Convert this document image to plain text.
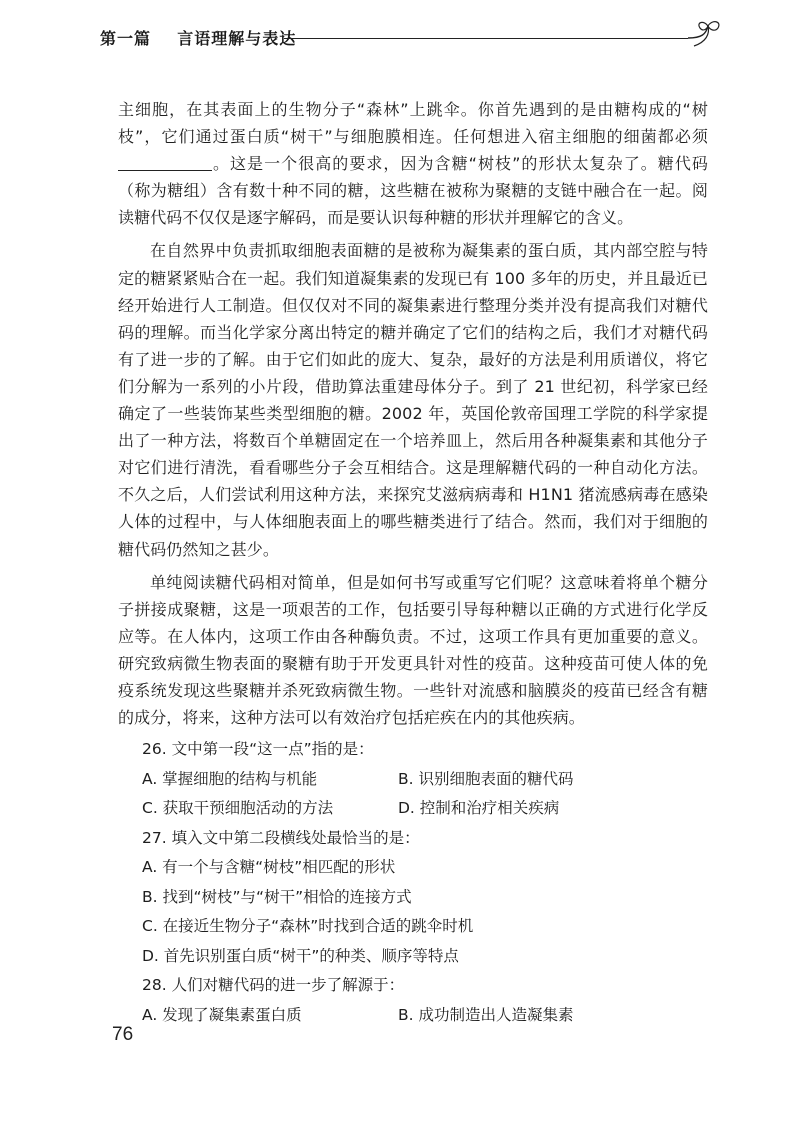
第一篇 言语理解与表达

主细胞，在其表面上的生物分子“森林”上跳伞。你首先遇到的是由糖构成的“树枝”，它们通过蛋白质“树干”与细胞膜相连。任何想进入宿主细胞的细菌都必须。这是一个很高的要求，因为含糖“树枝”的形状太复杂了。糖代码（称为糖组）含有数十种不同的糖，这些糖在被称为聚糖的支链中融合在一起。阅读糖代码不仅仅是逐字解码，而是要认识每种糖的形状并理解它的含义。

在自然界中负责抓取细胞表面糖的是被称为凝集素的蛋白质，其内部空腔与特定的糖紧紧贴合在一起。我们知道凝集素的发现已有 100 多年的历史，并且最近已经开始进行人工制造。但仅仅对不同的凝集素进行整理分类并没有提高我们对糖代码的理解。而当化学家分离出特定的糖并确定了它们的结构之后，我们才对糖代码有了进一步的了解。由于它们如此的庞大、复杂，最好的方法是利用质谱仪，将它们分解为一系列的小片段，借助算法重建母体分子。到了 21 世纪初，科学家已经确定了一些装饰某些类型细胞的糖。2002 年，英国伦敦帝国理工学院的科学家提出了一种方法，将数百个单糖固定在一个培养皿上，然后用各种凝集素和其他分子对它们进行清洗，看看哪些分子会互相结合。这是理解糖代码的一种自动化方法。不久之后，人们尝试利用这种方法，来探究艾滋病病毒和 H1N1 猪流感病毒在感染人体的过程中，与人体细胞表面上的哪些糖类进行了结合。然而，我们对于细胞的糖代码仍然知之甚少。

单纯阅读糖代码相对简单，但是如何书写或重写它们呢？这意味着将单个糖分子拼接成聚糖，这是一项艰苦的工作，包括要引导每种糖以正确的方式进行化学反应等。在人体内，这项工作由各种酶负责。不过，这项工作具有更加重要的意义。研究致病微生物表面的聚糖有助于开发更具针对性的疫苗。这种疫苗可使人体的免疫系统发现这些聚糖并杀死致病微生物。一些针对流感和脑膜炎的疫苗已经含有糖的成分，将来，这种方法可以有效治疗包括疟疾在内的其他疾病。

26. 文中第一段“这一点”指的是：
A. 掌握细胞的结构与机能	B. 识别细胞表面的糖代码
C. 获取干预细胞活动的方法	D. 控制和治疗相关疾病
27. 填入文中第二段横线处最恰当的是：
A. 有一个与含糖“树枝”相匹配的形状
B. 找到“树枝”与“树干”相恰的连接方式
C. 在接近生物分子“森林”时找到合适的跳伞时机
D. 首先识别蛋白质“树干”的种类、顺序等特点
28. 人们对糖代码的进一步了解源于：
A. 发现了凝集素蛋白质	B. 成功制造出人造凝集素
76
